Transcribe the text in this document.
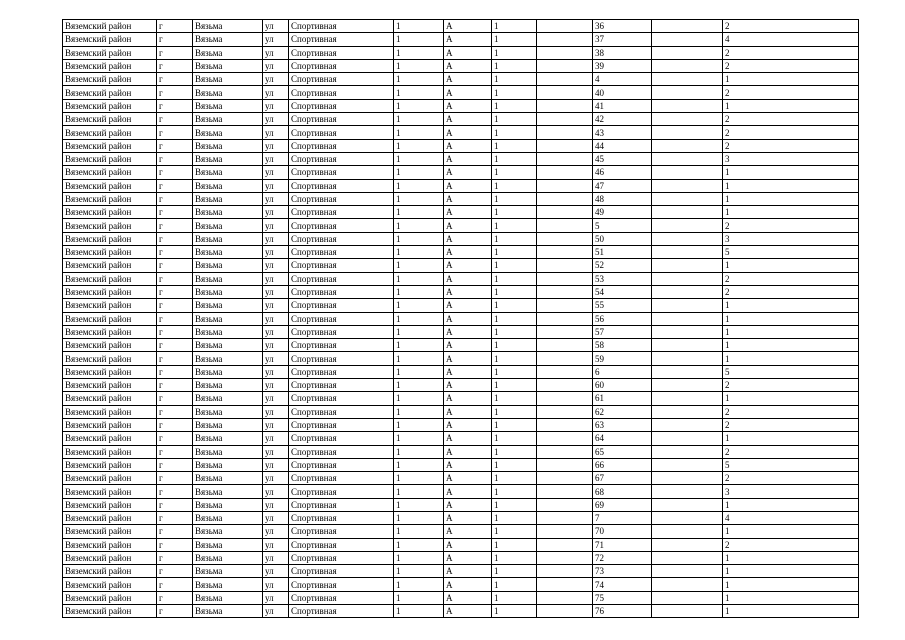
Вяземский район	г	Вязьма	ул	Спортивная	1	А	1		36		2
Вяземский район	г	Вязьма	ул	Спортивная	1	А	1		37		4
Вяземский район	г	Вязьма	ул	Спортивная	1	А	1		38		2
Вяземский район	г	Вязьма	ул	Спортивная	1	А	1		39		2
Вяземский район	г	Вязьма	ул	Спортивная	1	А	1		4		1
Вяземский район	г	Вязьма	ул	Спортивная	1	А	1		40		2
Вяземский район	г	Вязьма	ул	Спортивная	1	А	1		41		1
Вяземский район	г	Вязьма	ул	Спортивная	1	А	1		42		2
Вяземский район	г	Вязьма	ул	Спортивная	1	А	1		43		2
Вяземский район	г	Вязьма	ул	Спортивная	1	А	1		44		2
Вяземский район	г	Вязьма	ул	Спортивная	1	А	1		45		3
Вяземский район	г	Вязьма	ул	Спортивная	1	А	1		46		1
Вяземский район	г	Вязьма	ул	Спортивная	1	А	1		47		1
Вяземский район	г	Вязьма	ул	Спортивная	1	А	1		48		1
Вяземский район	г	Вязьма	ул	Спортивная	1	А	1		49		1
Вяземский район	г	Вязьма	ул	Спортивная	1	А	1		5		2
Вяземский район	г	Вязьма	ул	Спортивная	1	А	1		50		3
Вяземский район	г	Вязьма	ул	Спортивная	1	А	1		51		5
Вяземский район	г	Вязьма	ул	Спортивная	1	А	1		52		1
Вяземский район	г	Вязьма	ул	Спортивная	1	А	1		53		2
Вяземский район	г	Вязьма	ул	Спортивная	1	А	1		54		2
Вяземский район	г	Вязьма	ул	Спортивная	1	А	1		55		1
Вяземский район	г	Вязьма	ул	Спортивная	1	А	1		56		1
Вяземский район	г	Вязьма	ул	Спортивная	1	А	1		57		1
Вяземский район	г	Вязьма	ул	Спортивная	1	А	1		58		1
Вяземский район	г	Вязьма	ул	Спортивная	1	А	1		59		1
Вяземский район	г	Вязьма	ул	Спортивная	1	А	1		6		5
Вяземский район	г	Вязьма	ул	Спортивная	1	А	1		60		2
Вяземский район	г	Вязьма	ул	Спортивная	1	А	1		61		1
Вяземский район	г	Вязьма	ул	Спортивная	1	А	1		62		2
Вяземский район	г	Вязьма	ул	Спортивная	1	А	1		63		2
Вяземский район	г	Вязьма	ул	Спортивная	1	А	1		64		1
Вяземский район	г	Вязьма	ул	Спортивная	1	А	1		65		2
Вяземский район	г	Вязьма	ул	Спортивная	1	А	1		66		5
Вяземский район	г	Вязьма	ул	Спортивная	1	А	1		67		2
Вяземский район	г	Вязьма	ул	Спортивная	1	А	1		68		3
Вяземский район	г	Вязьма	ул	Спортивная	1	А	1		69		1
Вяземский район	г	Вязьма	ул	Спортивная	1	А	1		7		4
Вяземский район	г	Вязьма	ул	Спортивная	1	А	1		70		1
Вяземский район	г	Вязьма	ул	Спортивная	1	А	1		71		2
Вяземский район	г	Вязьма	ул	Спортивная	1	А	1		72		1
Вяземский район	г	Вязьма	ул	Спортивная	1	А	1		73		1
Вяземский район	г	Вязьма	ул	Спортивная	1	А	1		74		1
Вяземский район	г	Вязьма	ул	Спортивная	1	А	1		75		1
Вяземский район	г	Вязьма	ул	Спортивная	1	А	1		76		1
